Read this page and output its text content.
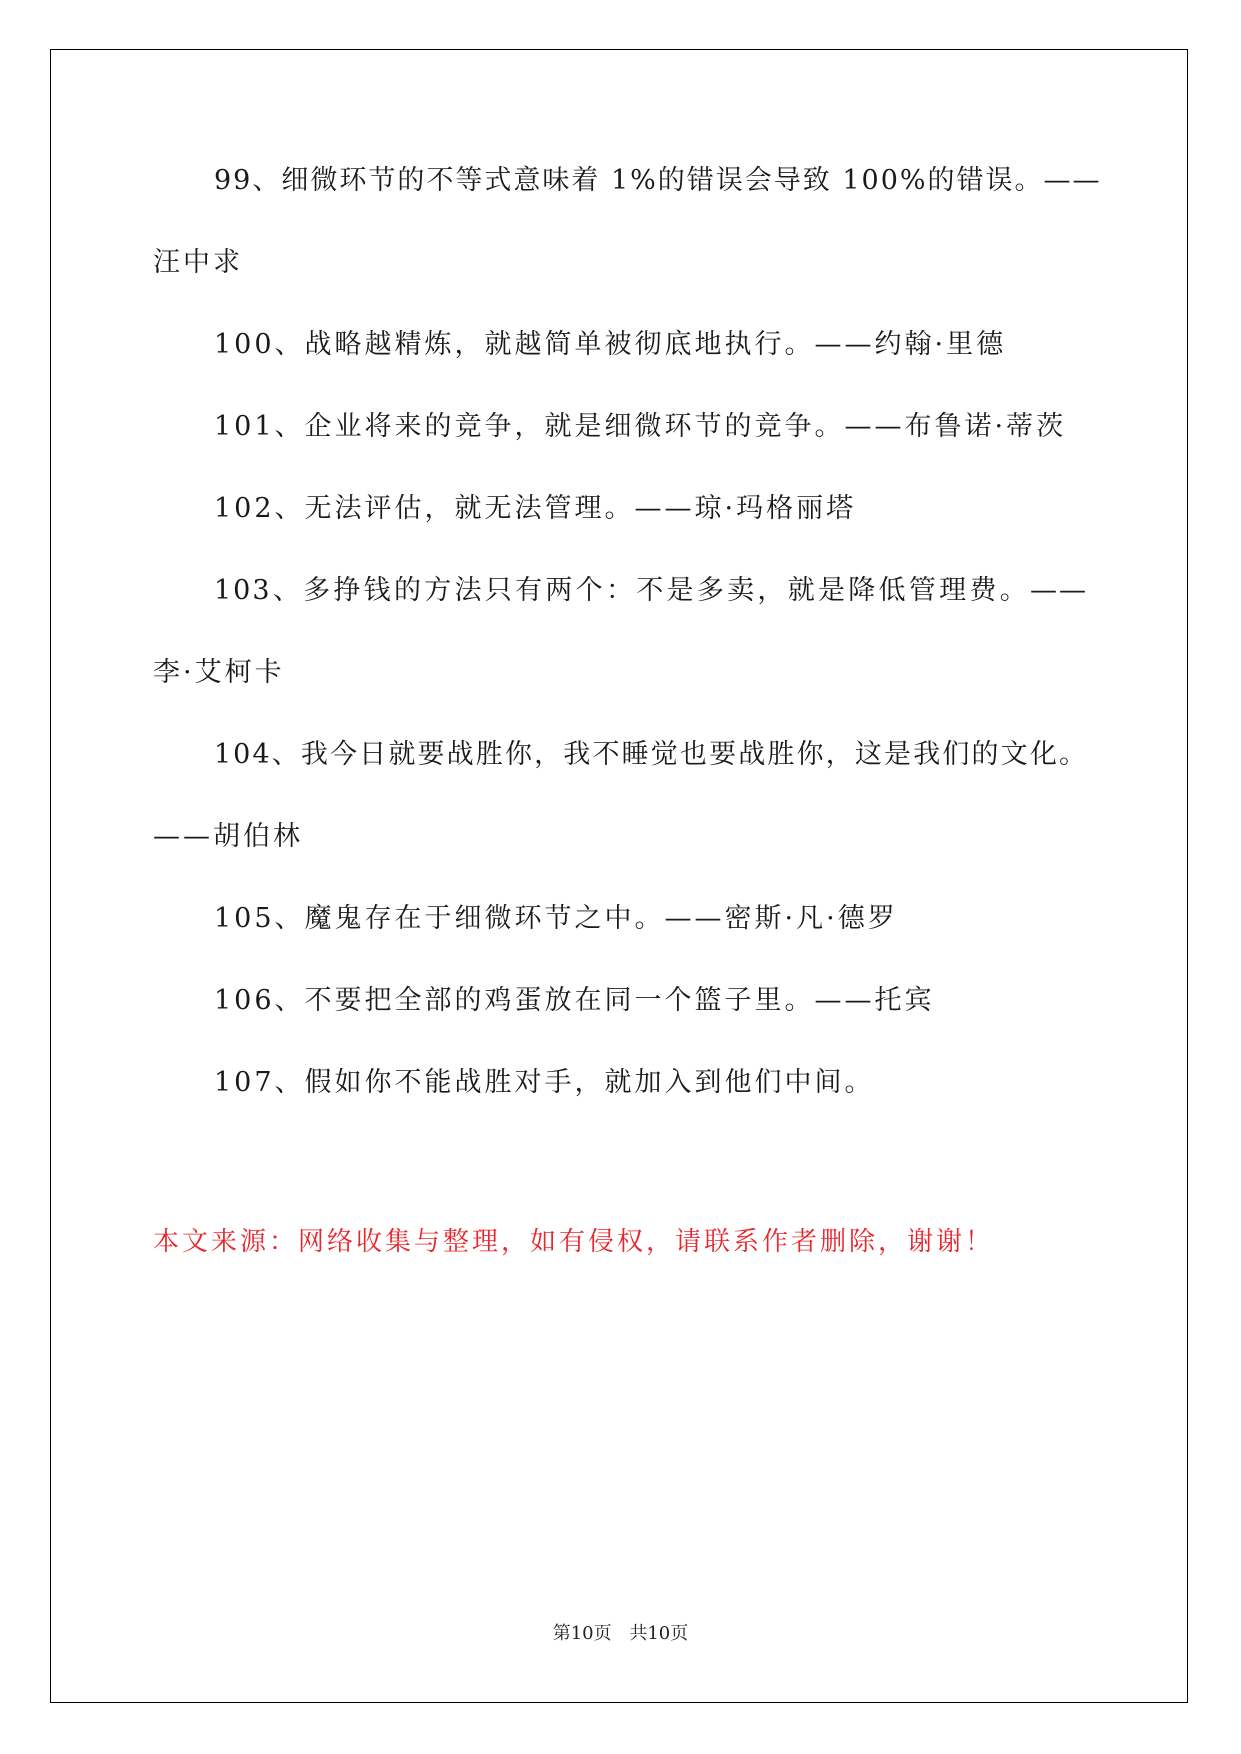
99、细微环节的不等式意味着 1%的错误会导致 100%的错误。——

汪中求

100、战略越精炼，就越简单被彻底地执行。——约翰·里德

101、企业将来的竞争，就是细微环节的竞争。——布鲁诺·蒂茨

102、无法评估，就无法管理。——琼·玛格丽塔

103、多挣钱的方法只有两个：不是多卖，就是降低管理费。——

李·艾柯卡

104、我今日就要战胜你，我不睡觉也要战胜你，这是我们的文化。

——胡伯林

105、魔鬼存在于细微环节之中。——密斯·凡·德罗

106、不要把全部的鸡蛋放在同一个篮子里。——托宾

107、假如你不能战胜对手，就加入到他们中间。

本文来源：网络收集与整理，如有侵权，请联系作者删除，谢谢！
第10页 共10页
